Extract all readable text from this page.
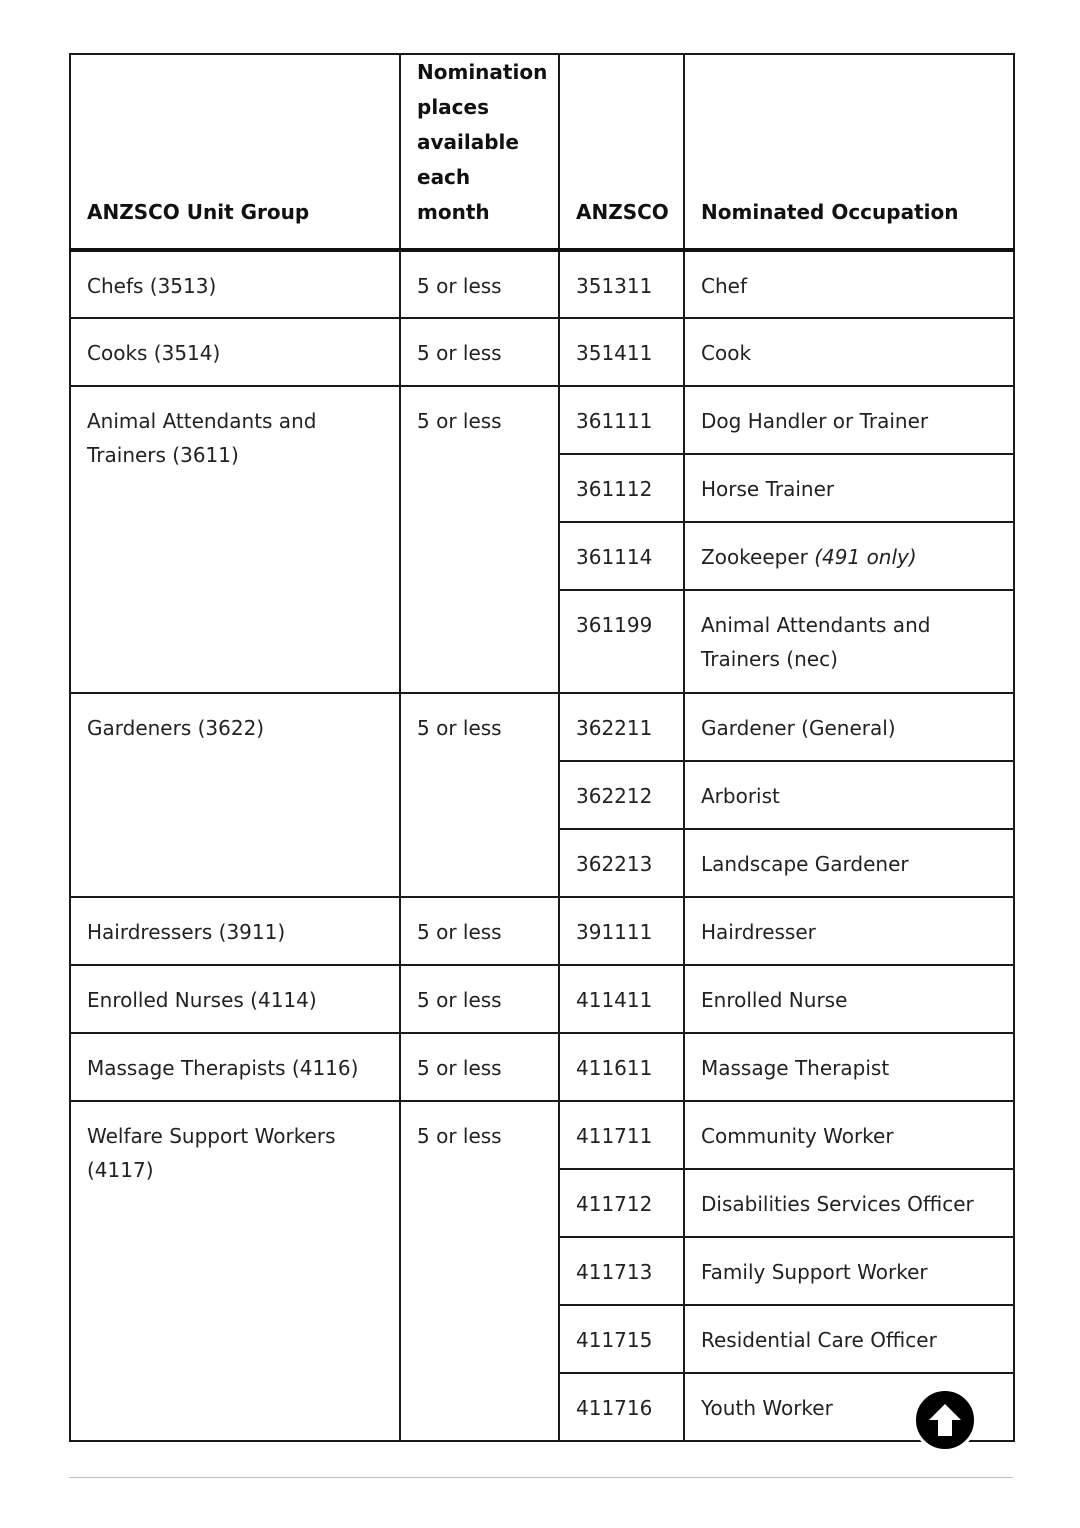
ANZSCO Unit Group	Nomination places available each month	ANZSCO	Nominated Occupation
Chefs (3513)	5 or less	351311	Chef
Cooks (3514)	5 or less	351411	Cook
Animal Attendants and Trainers (3611)	5 or less	361111	Dog Handler or Trainer
		361112	Horse Trainer
		361114	Zookeeper (491 only)
		361199	Animal Attendants and Trainers (nec)
Gardeners (3622)	5 or less	362211	Gardener (General)
		362212	Arborist
		362213	Landscape Gardener
Hairdressers (3911)	5 or less	391111	Hairdresser
Enrolled Nurses (4114)	5 or less	411411	Enrolled Nurse
Massage Therapists (4116)	5 or less	411611	Massage Therapist
Welfare Support Workers (4117)	5 or less	411711	Community Worker
		411712	Disabilities Services Officer
		411713	Family Support Worker
		411715	Residential Care Officer
		411716	Youth Worker
